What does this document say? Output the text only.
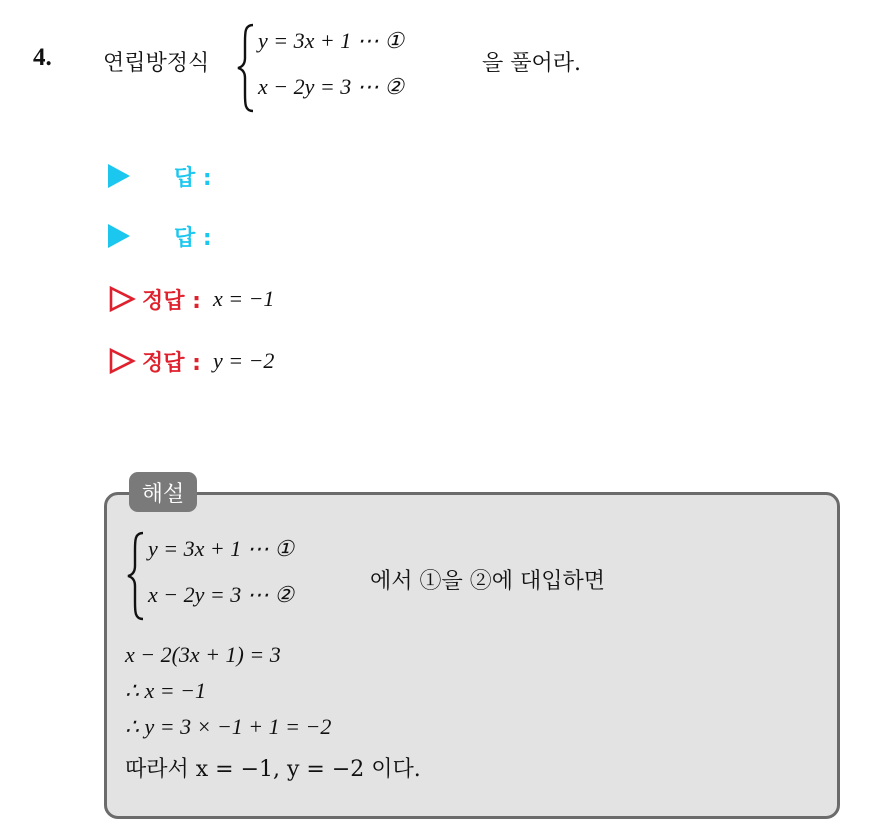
4. 연립방정식
y = 3x + 1 ⋯ ①
x − 2y = 3 ⋯ ②
을 풀어라.
답 :
답 :
정답 : x = −1
정답 : y = −2
해설
y = 3x + 1 ⋯ ①
x − 2y = 3 ⋯ ②
에서 ①을 ②에 대입하면
x − 2(3x + 1) = 3
∴ x = −1
∴ y = 3 × −1 + 1 = −2
따라서 x = −1, y = −2 이다.
